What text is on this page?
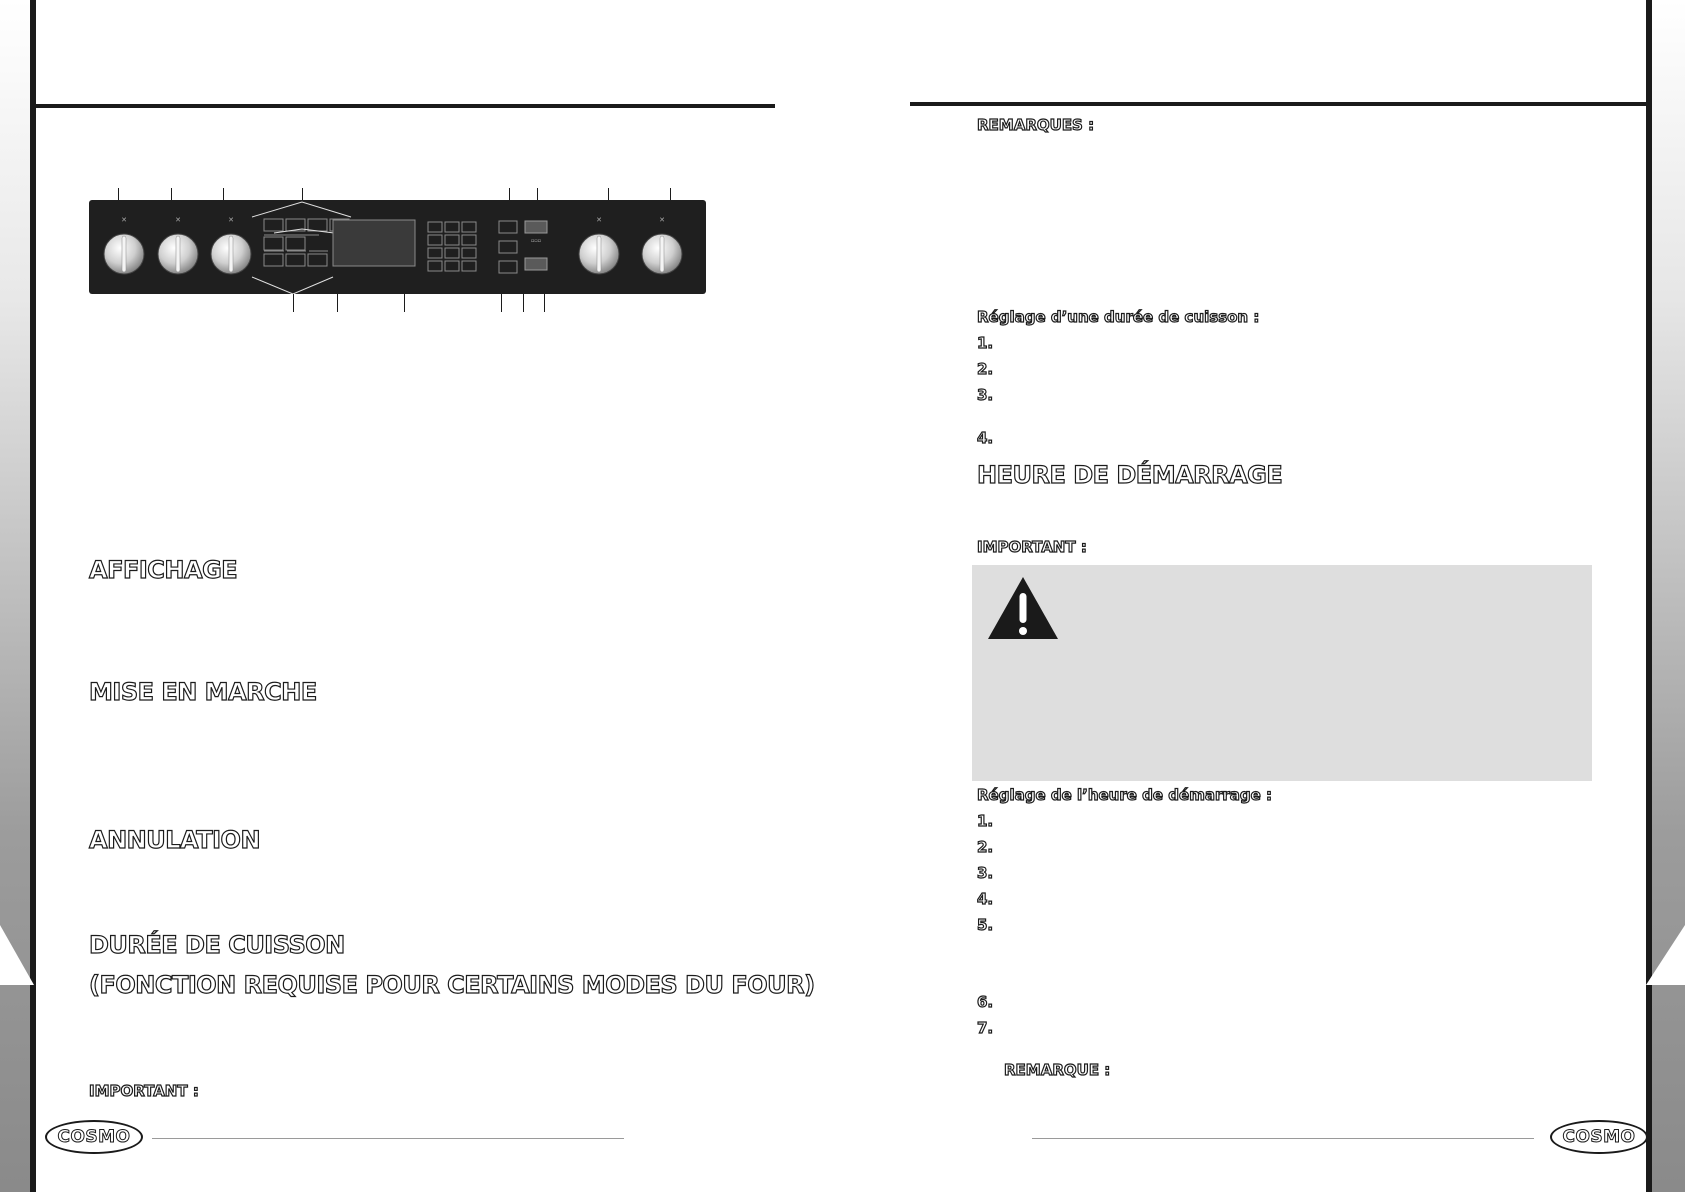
✕	✕	✕
▫▫▫
✕	✕
AFFICHAGE
MISE EN MARCHE
ANNULATION
DURÉE DE CUISSON
(FONCTION REQUISE POUR CERTAINS MODES DU FOUR)
IMPORTANT :
REMARQUES :
Réglage d’une durée de cuisson :
1.
2.
3.
4.
HEURE DE DÉMARRAGE
IMPORTANT :
Réglage de l’heure de démarrage :
1.
2.
3.
4.
5.
6.
7.
REMARQUE :
COSMO	COSMO
